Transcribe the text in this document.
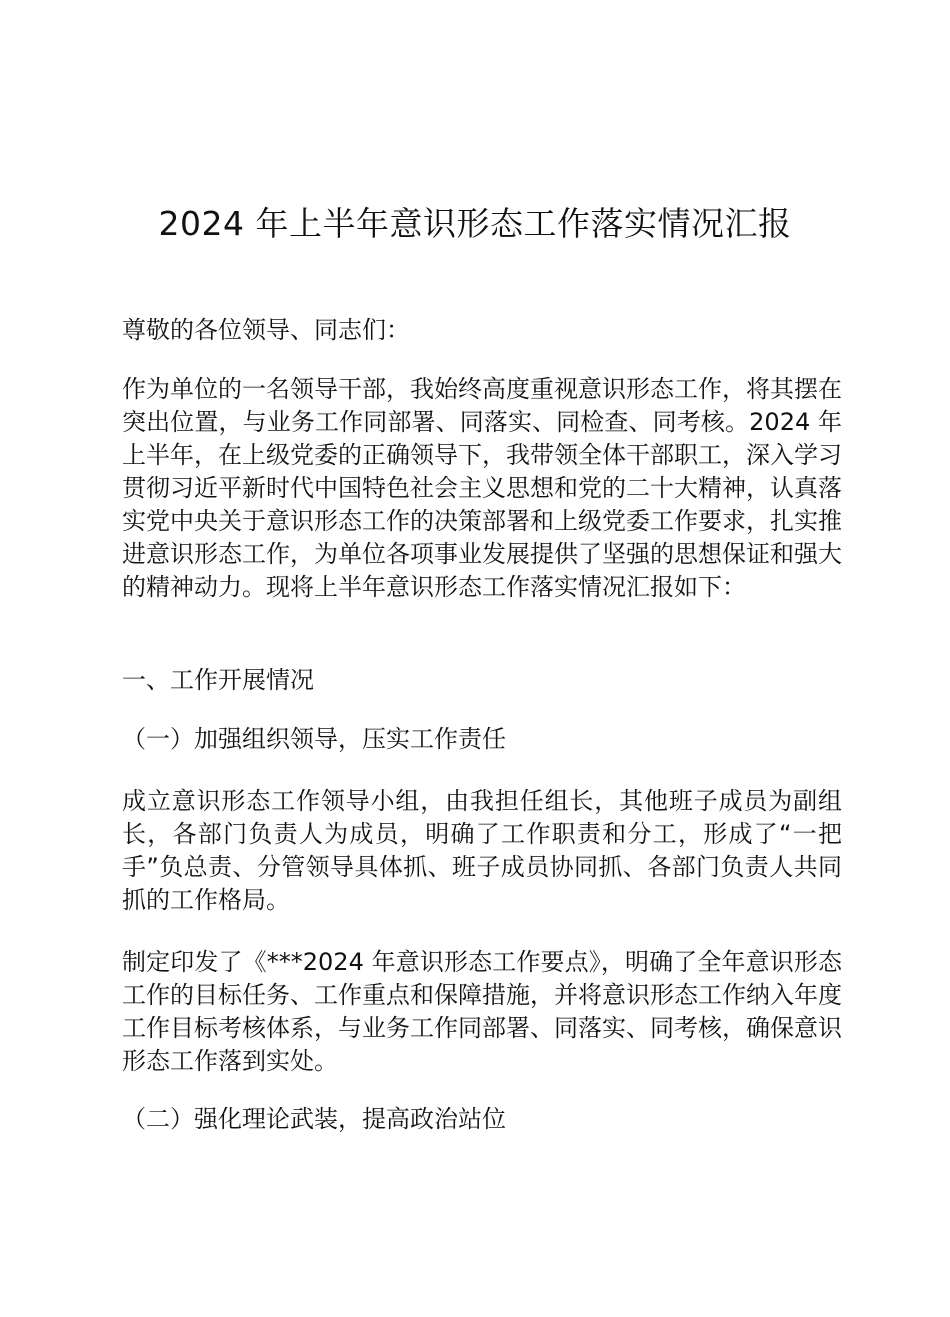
2024 年上半年意识形态工作落实情况汇报

尊敬的各位领导、同志们：

作为单位的一名领导干部，我始终高度重视意识形态工作，将其摆在突出位置，与业务工作同部署、同落实、同检查、同考核。2024 年上半年，在上级党委的正确领导下，我带领全体干部职工，深入学习贯彻习近平新时代中国特色社会主义思想和党的二十大精神，认真落实党中央关于意识形态工作的决策部署和上级党委工作要求，扎实推进意识形态工作，为单位各项事业发展提供了坚强的思想保证和强大的精神动力。现将上半年意识形态工作落实情况汇报如下：

一、工作开展情况

（一）加强组织领导，压实工作责任

成立意识形态工作领导小组，由我担任组长，其他班子成员为副组长，各部门负责人为成员，明确了工作职责和分工，形成了“一把手”负总责、分管领导具体抓、班子成员协同抓、各部门负责人共同抓的工作格局。

制定印发了《***2024 年意识形态工作要点》，明确了全年意识形态工作的目标任务、工作重点和保障措施，并将意识形态工作纳入年度工作目标考核体系，与业务工作同部署、同落实、同考核，确保意识形态工作落到实处。

（二）强化理论武装，提高政治站位
